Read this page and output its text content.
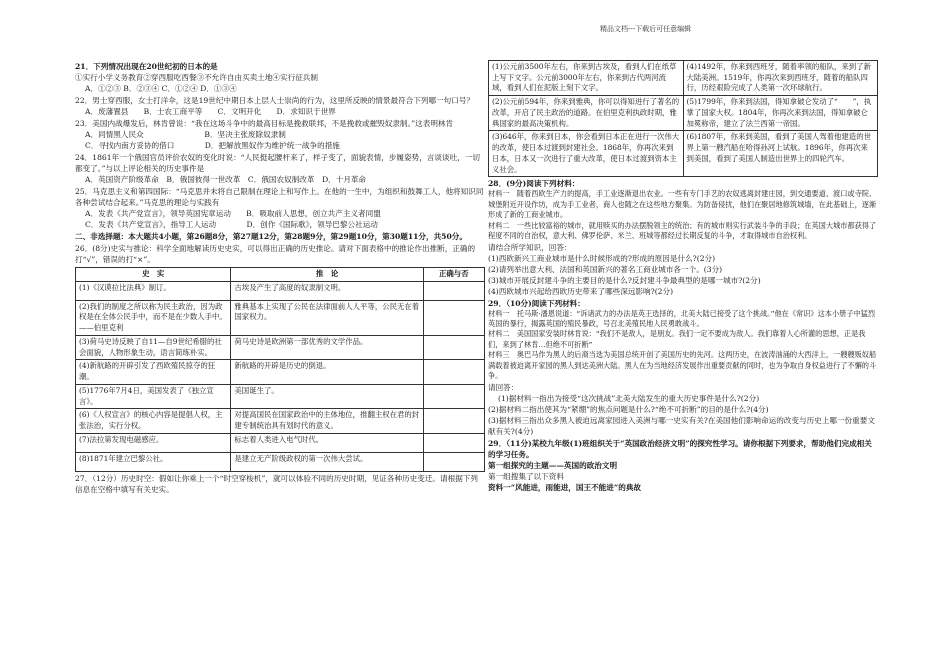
精品文档---下载后可任意编辑

21．下列情况出现在20世纪初的日本的是

①实行小学义务教育②穿西服吃西餐③不允许自由买卖土地④实行征兵制

A．①②③ B．②③④ C．①②④ D．①③④

22．男士穿西服，女士打洋伞，这是19世纪中期日本上层人士崇尚的行为，这里所反映的情景最符合下列哪一句口号？

A．废藩置县　　B．士农工商平等　　C．文明开化　　D．求知识于世界

23．美国内战爆发后，林肯曾说：“我在这场斗争中的最高目标是挽救联邦，不是挽救或摧毁奴隶制。”这表明林肯

A．同情黑人民众　　　　　　　　B．坚决主张废除奴隶制

C．寻找内南方妥协的借口　　　　D．把解放黑奴作为维护统一战争的措施

24．1861年一个俄国官员评价农奴的变化时说：“人民挺起腰杆来了，样子变了，面貌表情，步履姿势，言谈谈吐，一切都变了。”与以上评论相关的历史事件是

A．英国资产阶级革命　B．俄国彼得一世改革　C．俄国农奴制改革　D．十月革命

25．马克思主义和第四国际：“马克思并未将自己限制在理论上和写作上。在他的一生中，为组织和鼓舞工人，他将知识同各种尝试结合起来。”马克思的理论与实践有

A．发表《共产党宣言》，领导英国宪章运动　　B．吸取前人思想，创立共产主义者同盟

C．发表《共产党宣言》，指导工人运动　　　　D．创作《国际歌》，领导巴黎公社运动

二、非选择题：本大题共4小题，第26题8分，第27题12分，第28题9分，第29题10分，第30题11分，共50分。

26．(8分)史实与推论：科学全面地解读历史史实，可以得出正确的历史推论。请对下面表格中的推论作出推断，正确的打“√”，错误的打“×”。

史　实	推　论	正确与否
(1)《汉谟拉比法典》制订。	古埃及产生了高度的奴隶制文明。	
(2)我们的制度之所以称为民主政治，因为政权是在全体公民手中，而不是在少数人手中。——伯里克利	雅典基本上实现了公民在法律面前人人平等，公民无在着国家权力。	
(3)荷马史诗反映了自11—自9世纪希腊的社会面貌，人物形象生动，语言简练朴实。	荷马史诗是欧洲第一部优秀的文学作品。	
(4)新航路的开辟引发了西欧殖民掠夺的狂潮。	新航路的开辟是历史的倒退。	
(5)1776年7月4日，美国发表了《独立宣言》。	美国诞生了。	
(6)《人权宣言》的核心内容是提倡人权，主张法治，实行分权。	对提高国民在国家政治中的主体地位，推翻主权在君的封建专制统治具有划时代的意义。	
(7)法拉第发现电磁感应。	标志着人类进入电气时代。	
(8)1871年建立巴黎公社。	是建立无产阶级政权的第一次伟大尝试。	

27．（12分）历史时空：假如让你乘上一个“时空穿梭机”，就可以体验不同的历史时期，见证各种历史变迁。请根据下列信息在空格中填写有关史实。

(1)公元前3500年左右，你来到古埃及，看到人们在纸草上写下文字。公元前3000年左右，你来到古代两河流域，看到人们在泥版上刻下文字。	(4)1492年，你来到西班牙，随着率领的船队，来到了新大陆美洲。1519年，你再次来到西班牙，随着的船队四行，历经艰险完成了人类第一次环球航行。
(2)公元前594年，你来到雅典，你可以得知进行了著名的改革，开启了民主政治的道路。在伯里克利执政时期，雅典国家的最高决策机构。	(5)1799年，你来到法国，得知拿破仑发动了“　　”，执掌了国家大权。1804年，你再次来到法国，得知拿破仑加冕称帝，建立了法兰西第一帝国。
(3)646年，你来到日本，你会看到日本正在进行一次伟大的改革，使日本过渡到封建社会。1868年，你再次来到日本，日本又一次进行了重大改革，使日本过渡到资本主义社会。	(6)1807年，你来到美国，看到了美国人驾着他建造的世界上第一艘汽船在哈得孙河上试航。1896年，你再次来到美国，看到了美国人制造出世界上的四轮汽车。

28．(9分)阅读下列材料：

材料一　随着西欧生产力的提高，手工业逐渐退出农业。一些有专门手艺的农奴逃离封建庄园，到交通要道、渡口或寺院、城堡附近开设作坊，成为手工业者，商人也随之在这些地方聚集。为防备侵扰，他们在聚居地修筑城墙，在此基础上，逐渐形成了新的工商业城市。

材料二　一些比较富裕的城市，就用赎买的办法摆脱领主的统治；有的城市则实行武装斗争的手段；在英国大城市都获得了程度不同的自治权，意大利、佛罗伦萨、米兰、班城等都经过长期反复的斗争，才取得城市自治权利。

请结合所学知识，回答：

(1)西欧新兴工商业城市是什么时候形成的?形成的原因是什么?(2分)

(2)请列举出意大利、法国和英国新兴的著名工商业城市各一个。(3分)

(3)城市开展反封建斗争的主要目的是什么?反封建斗争最典型的是哪一城市?(2分)

(4)西欧城市兴起给西欧历史带来了哪些深远影响?(2分)

29．（10分)阅读下列材料：

材料一　托马斯·潘恩说道：“诉诸武力的办法是英王选择的，北美大陆已接受了这个挑战。”他在《常识》这本小册子中猛烈英国的暴行，揭露英国的殖民暴政，号召北美殖民地人民勇敢战斗。

材料二　美国国家安装时林肯说：“我们不是敌人，是朋友。我们一定不要成为敌人。我们靠着人心所灌的思想，正是我们，来到了林肯…但绝不可折断”

材料三　奥巴马作为黑人的后裔当选为美国总统开创了美国历史的先河。这两历史，在波涛汹涌的大西洋上，一艘艘贩奴船满载着被迫离开家园的黑人到达美洲大陆。黑人在为当地经济发展作出重要贡献的同时，也为争取自身权益进行了不懈的斗争。

请回答：

(1)据材料一指出为接受“这次挑战”北美大陆发生的重大历史事件是什么?(2分)

(2)据材料二指出使其为“紧绷”的焦点问题是什么?“绝不可折断”的目的是什么?(4分)

(3)据材料三指出众多黑人被迫远离家园进入美洲与哪一史实有关?在美国他们影响命运的改变与历史上哪一份重要文献有关?(4分)

29．（11分)某校九年级(1)班组织关于“英国政治经济文明”的探究性学习。请你根据下列要求，帮助他们完成相关的学习任务。

第一组探究的主题——英国的政治文明

第一组搜集了以下资料

资料一“风能进，雨能进，国王不能进”的典故
